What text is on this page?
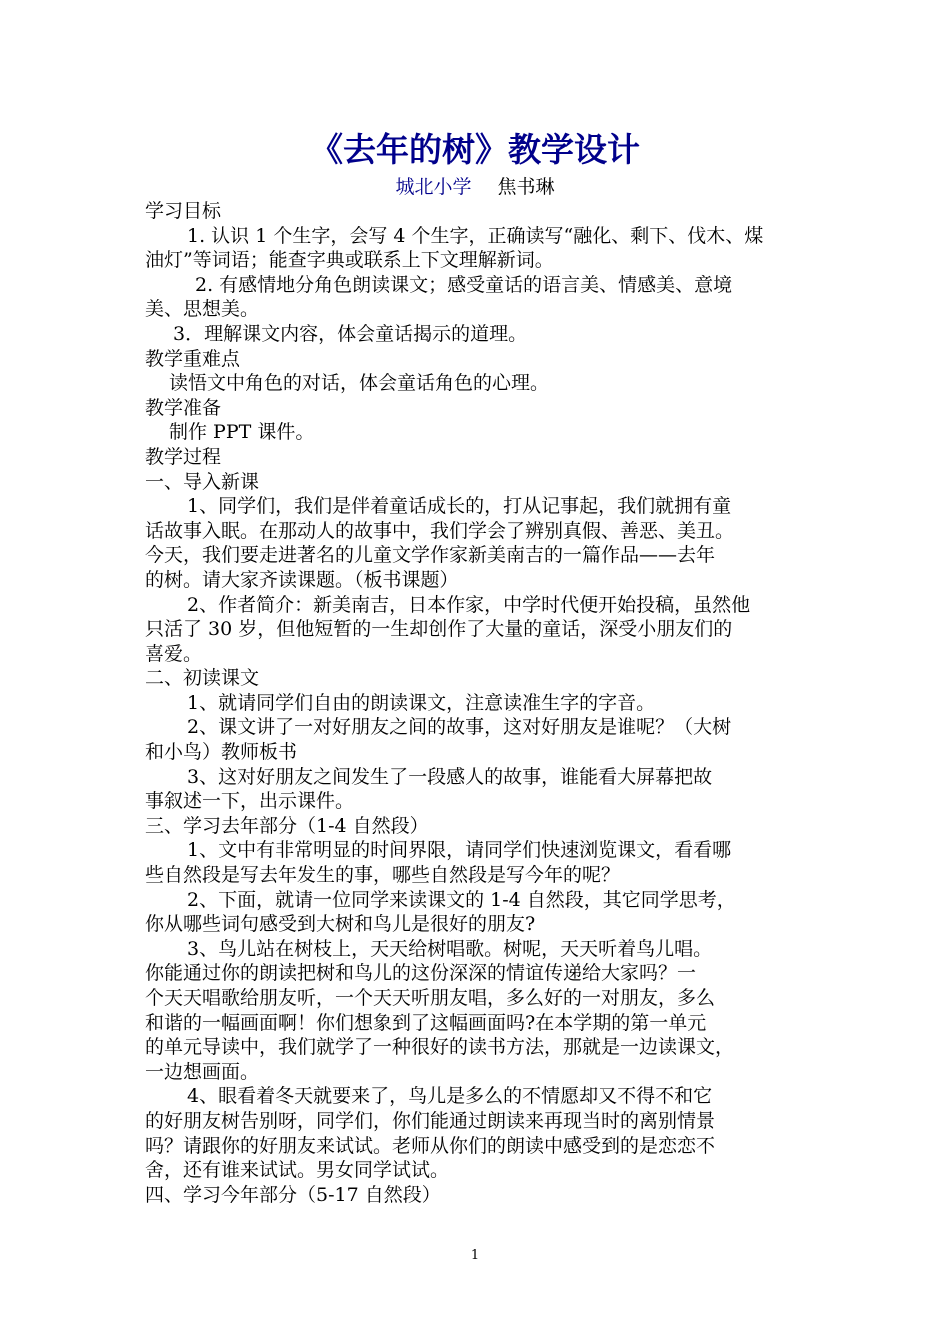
《去年的树》教学设计
城北小学 焦书琳

学习目标

1. 认识 1 个生字，会写 4 个生字，正确读写“融化、剩下、伐木、煤

油灯”等词语；能查字典或联系上下文理解新词。

2. 有感情地分角色朗读课文；感受童话的语言美、情感美、意境

美、思想美。

3．理解课文内容，体会童话揭示的道理。

教学重难点

读悟文中角色的对话，体会童话角色的心理。

教学准备

制作 PPT 课件。

教学过程

一、导入新课

1、同学们，我们是伴着童话成长的，打从记事起，我们就拥有童

话故事入眠。在那动人的故事中，我们学会了辨别真假、善恶、美丑。

今天，我们要走进著名的儿童文学作家新美南吉的一篇作品——去年

的树。请大家齐读课题。（板书课题）

2、作者简介：新美南吉，日本作家，中学时代便开始投稿，虽然他

只活了 30 岁，但他短暂的一生却创作了大量的童话，深受小朋友们的

喜爱。

二、初读课文

1、就请同学们自由的朗读课文，注意读准生字的字音。

2、课文讲了一对好朋友之间的故事，这对好朋友是谁呢？（大树

和小鸟）教师板书

3、这对好朋友之间发生了一段感人的故事，谁能看大屏幕把故

事叙述一下，出示课件。

三、学习去年部分（1-4 自然段）

1、文中有非常明显的时间界限，请同学们快速浏览课文，看看哪

些自然段是写去年发生的事，哪些自然段是写今年的呢？

2、下面，就请一位同学来读课文的 1-4 自然段，其它同学思考，

你从哪些词句感受到大树和鸟儿是很好的朋友?

3、鸟儿站在树枝上，天天给树唱歌。树呢，天天听着鸟儿唱。

你能通过你的朗读把树和鸟儿的这份深深的情谊传递给大家吗？一

个天天唱歌给朋友听，一个天天听朋友唱，多么好的一对朋友，多么

和谐的一幅画面啊！你们想象到了这幅画面吗?在本学期的第一单元

的单元导读中，我们就学了一种很好的读书方法，那就是一边读课文，

一边想画面。

4、眼看着冬天就要来了，鸟儿是多么的不情愿却又不得不和它

的好朋友树告别呀，同学们，你们能通过朗读来再现当时的离别情景

吗？请跟你的好朋友来试试。老师从你们的朗读中感受到的是恋恋不

舍，还有谁来试试。男女同学试试。

四、学习今年部分（5-17 自然段）

1
